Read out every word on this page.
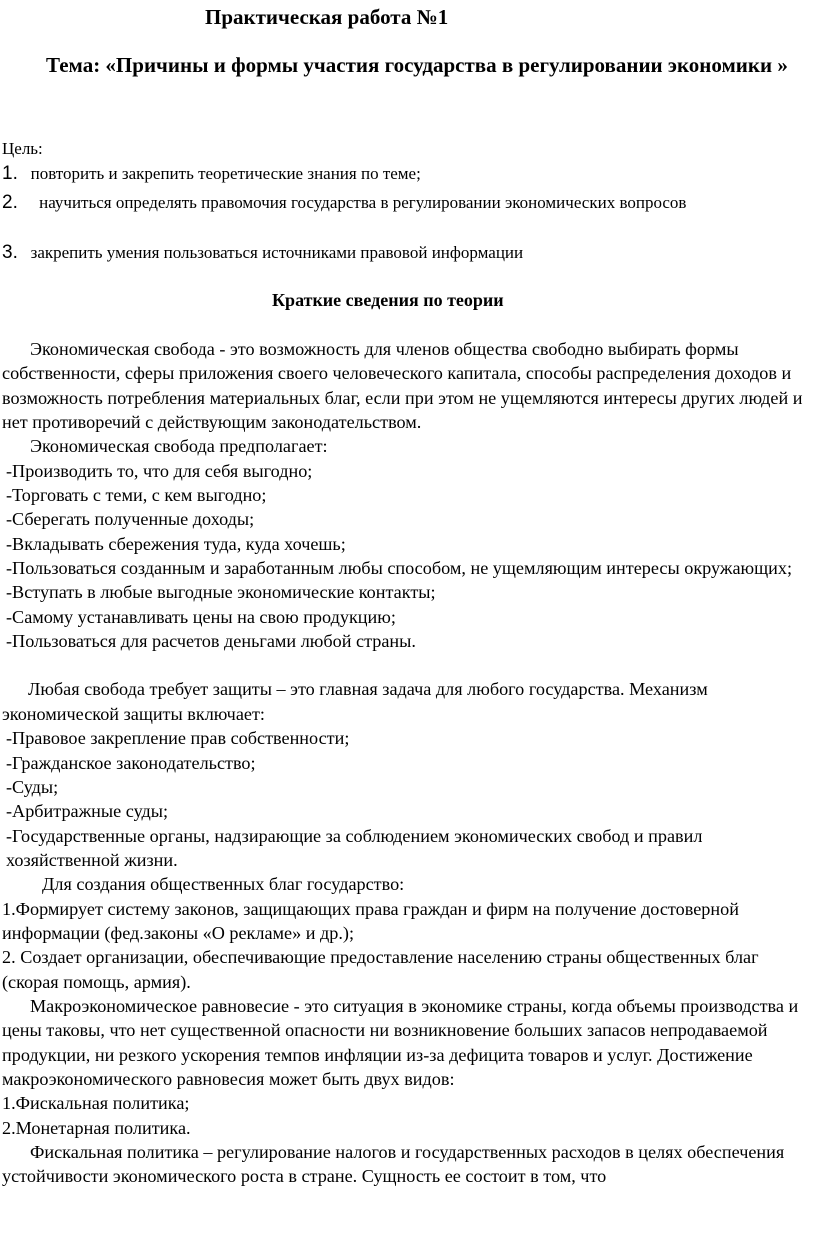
Практическая работа №1
Тема: «Причины и формы участия государства в регулировании экономики »
Цель:
1. повторить и закрепить теоретические знания по теме;
2. научиться определять правомочия государства в регулировании экономических вопросов
3. закрепить умения пользоваться источниками правовой информации
Краткие сведения по теории

Экономическая свобода - это возможность для членов общества свободно выбирать формы собственности, сферы приложения своего человеческого капитала, способы распределения доходов и возможность потребления материальных благ, если при этом не ущемляются интересы других людей и нет противоречий с действующим законодательством.

Экономическая свобода предполагает:

-Производить то, что для себя выгодно;

-Торговать с теми, с кем выгодно;

-Сберегать полученные доходы;

-Вкладывать сбережения туда, куда хочешь;

-Пользоваться созданным и заработанным любы способом, не ущемляющим интересы окружающих;

-Вступать в любые выгодные экономические контакты;

-Самому устанавливать цены на свою продукцию;

-Пользоваться для расчетов деньгами любой страны.

Любая свобода требует защиты – это главная задача для любого государства. Механизм экономической защиты включает:

-Правовое закрепление прав собственности;

-Гражданское законодательство;

-Суды;

-Арбитражные суды;

-Государственные органы, надзирающие за соблюдением экономических свобод и правил хозяйственной жизни.

Для создания общественных благ государство:

1.Формирует систему законов, защищающих права граждан и фирм на получение достоверной информации (фед.законы «О рекламе» и др.);

2. Создает организации, обеспечивающие предоставление населению страны общественных благ (скорая помощь, армия).

Макроэкономическое равновесие - это ситуация в экономике страны, когда объемы производства и цены таковы, что нет существенной опасности ни возникновение больших запасов непродаваемой продукции, ни резкого ускорения темпов инфляции из-за дефицита товаров и услуг. Достижение макроэкономического равновесия может быть двух видов:

1.Фискальная политика;

2.Монетарная политика.

Фискальная политика – регулирование налогов и государственных расходов в целях обеспечения устойчивости экономического роста в стране. Сущность ее состоит в том, что
